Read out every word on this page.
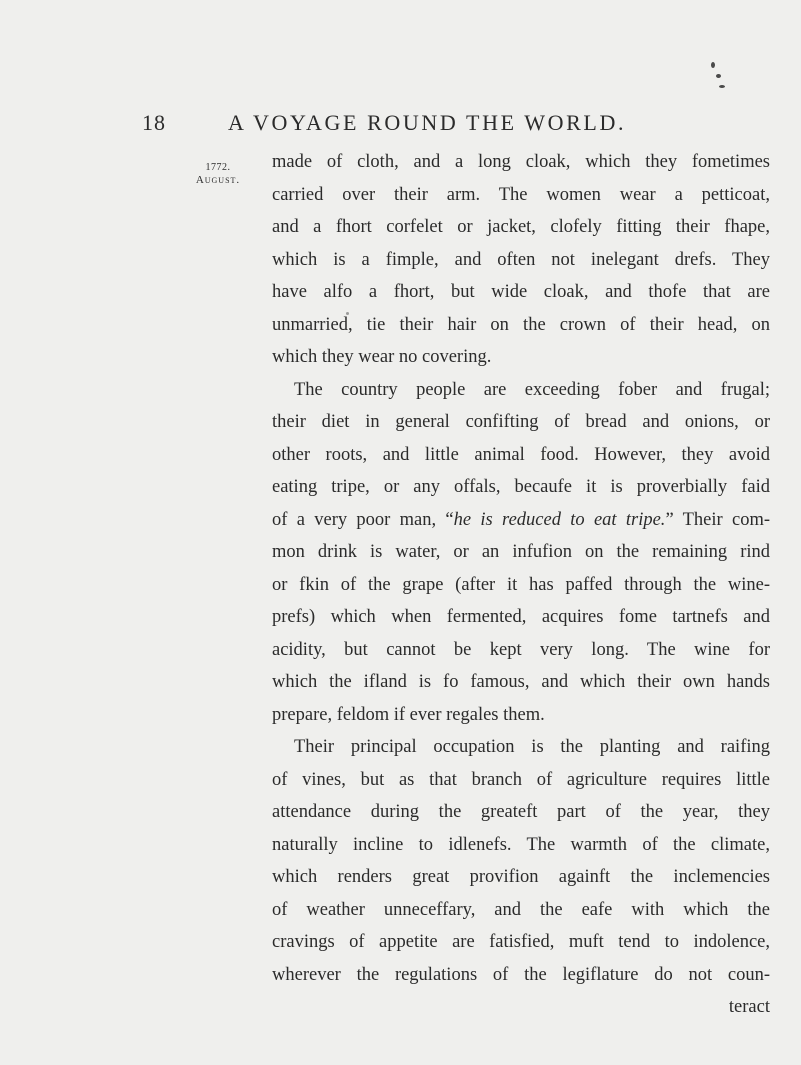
18	A VOYAGE ROUND THE WORLD.
1772.
August.
made of cloth, and a long cloak, which they fometimes
carried over their arm. The women wear a petticoat,
and a fhort corfelet or jacket, clofely fitting their fhape,
which is a fimple, and often not inelegant drefs. They
have alfo a fhort, but wide cloak, and thofe that are
unmarried, tie their hair on the crown of their head, on
which they wear no covering.
The country people are exceeding fober and frugal;
their diet in general confifting of bread and onions, or
other roots, and little animal food. However, they avoid
eating tripe, or any offals, becaufe it is proverbially faid
of a very poor man, “he is reduced to eat tripe.” Their com-
mon drink is water, or an infufion on the remaining rind
or fkin of the grape (after it has paffed through the wine-
prefs) which when fermented, acquires fome tartnefs and
acidity, but cannot be kept very long. The wine for
which the ifland is fo famous, and which their own hands
prepare, feldom if ever regales them.
Their principal occupation is the planting and raifing
of vines, but as that branch of agriculture requires little
attendance during the greateft part of the year, they
naturally incline to idlenefs. The warmth of the climate,
which renders great provifion againft the inclemencies
of weather unneceffary, and the eafe with which the
cravings of appetite are fatisfied, muft tend to indolence,
wherever the regulations of the legiflature do not coun-
teract
